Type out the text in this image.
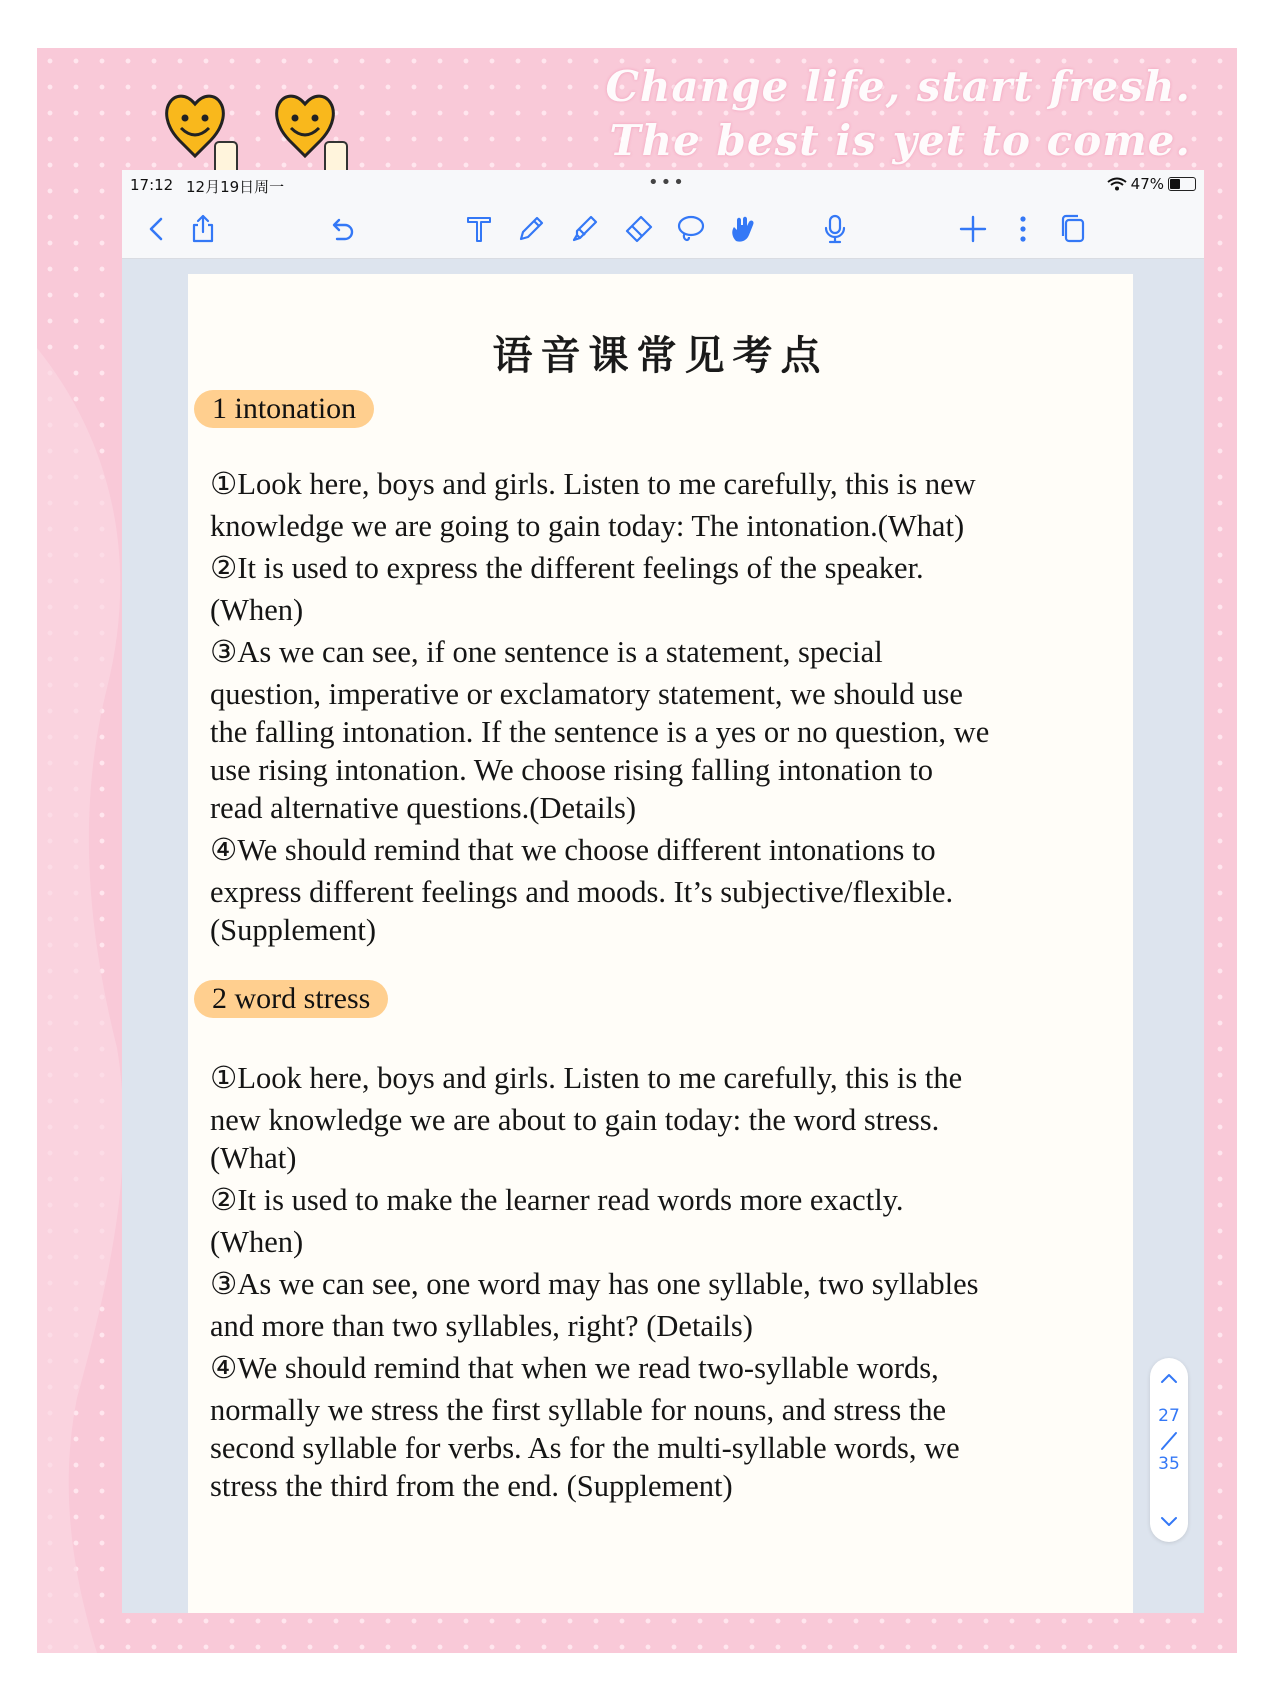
Change life, start fresh.
The best is yet to come.
17:12 12月19日周一	•••	47%
语音课常见考点
1 intonation
①Look here, boys and girls. Listen to me carefully, this is new
knowledge we are going to gain today: The intonation.(What)
②It is used to express the different feelings of the speaker.
(When)
③As we can see, if one sentence is a statement, special
question, imperative or exclamatory statement, we should use
the falling intonation. If the sentence is a yes or no question, we
use rising intonation. We choose rising falling intonation to
read alternative questions.(Details)
④We should remind that we choose different intonations to
express different feelings and moods. It’s subjective/flexible.
(Supplement)
2 word stress
①Look here, boys and girls. Listen to me carefully, this is the
new knowledge we are about to gain today: the word stress.
(What)
②It is used to make the learner read words more exactly.
(When)
③As we can see, one word may has one syllable, two syllables
and more than two syllables, right? (Details)
④We should remind that when we read two-syllable words,
normally we stress the first syllable for nouns, and stress the
second syllable for verbs. As for the multi-syllable words, we
stress the third from the end. (Supplement)
27
35
